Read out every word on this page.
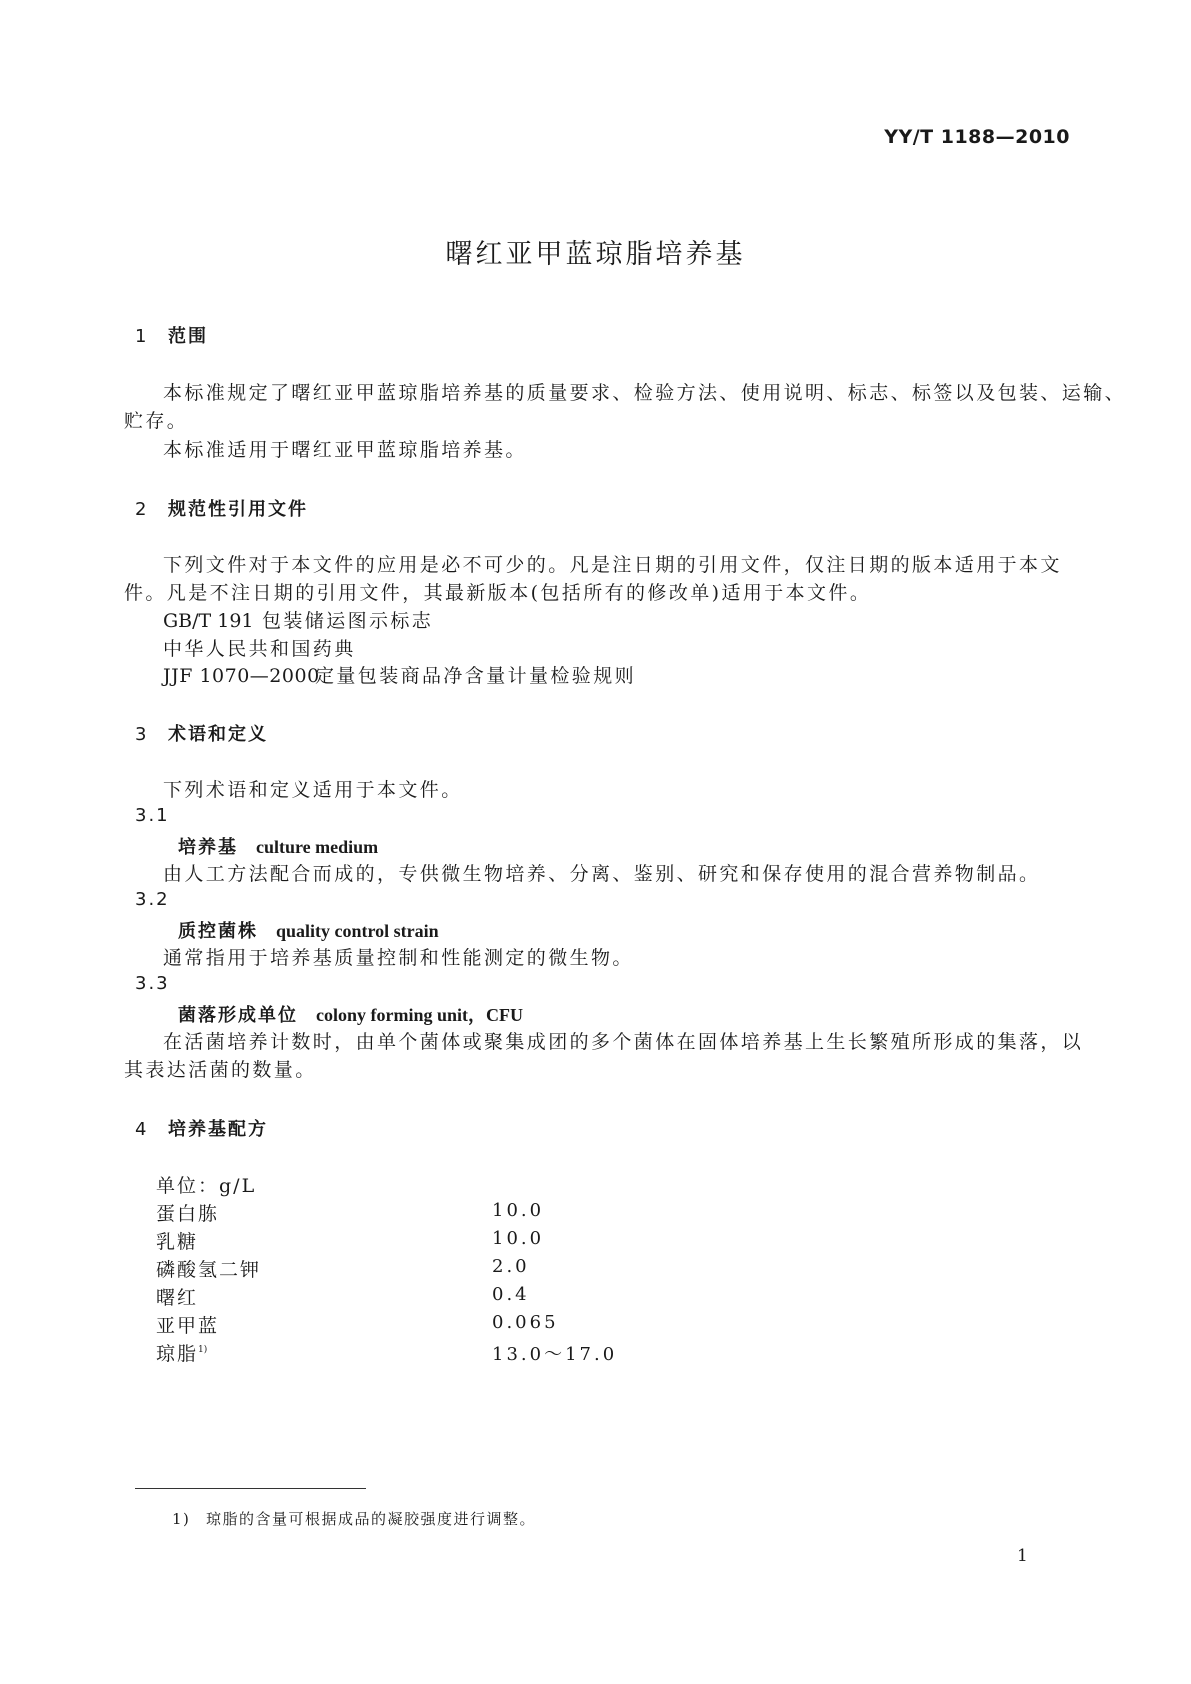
YY/T 1188—2010
曙红亚甲蓝琼脂培养基
1 范围
本标准规定了曙红亚甲蓝琼脂培养基的质量要求、检验方法、使用说明、标志、标签以及包装、运输、
贮存。
本标准适用于曙红亚甲蓝琼脂培养基。
2 规范性引用文件
下列文件对于本文件的应用是必不可少的。凡是注日期的引用文件，仅注日期的版本适用于本文
件。凡是不注日期的引用文件，其最新版本(包括所有的修改单)适用于本文件。
GB/T 191 包装储运图示标志
中华人民共和国药典
JJF 1070—2000定量包装商品净含量计量检验规则
3 术语和定义
下列术语和定义适用于本文件。
3.1
培养基 culture medium
由人工方法配合而成的，专供微生物培养、分离、鉴别、研究和保存使用的混合营养物制品。
3.2
质控菌株 quality control strain
通常指用于培养基质量控制和性能测定的微生物。
3.3
菌落形成单位 colony forming unit，CFU
在活菌培养计数时，由单个菌体或聚集成团的多个菌体在固体培养基上生长繁殖所形成的集落，以
其表达活菌的数量。
4 培养基配方
单位：g/L
蛋白胨	10.0
乳糖	10.0
磷酸氢二钾	2.0
曙红	0.4
亚甲蓝	0.065
琼脂$^{1)}$	13.0～17.0
1) 琼脂的含量可根据成品的凝胶强度进行调整。
1
